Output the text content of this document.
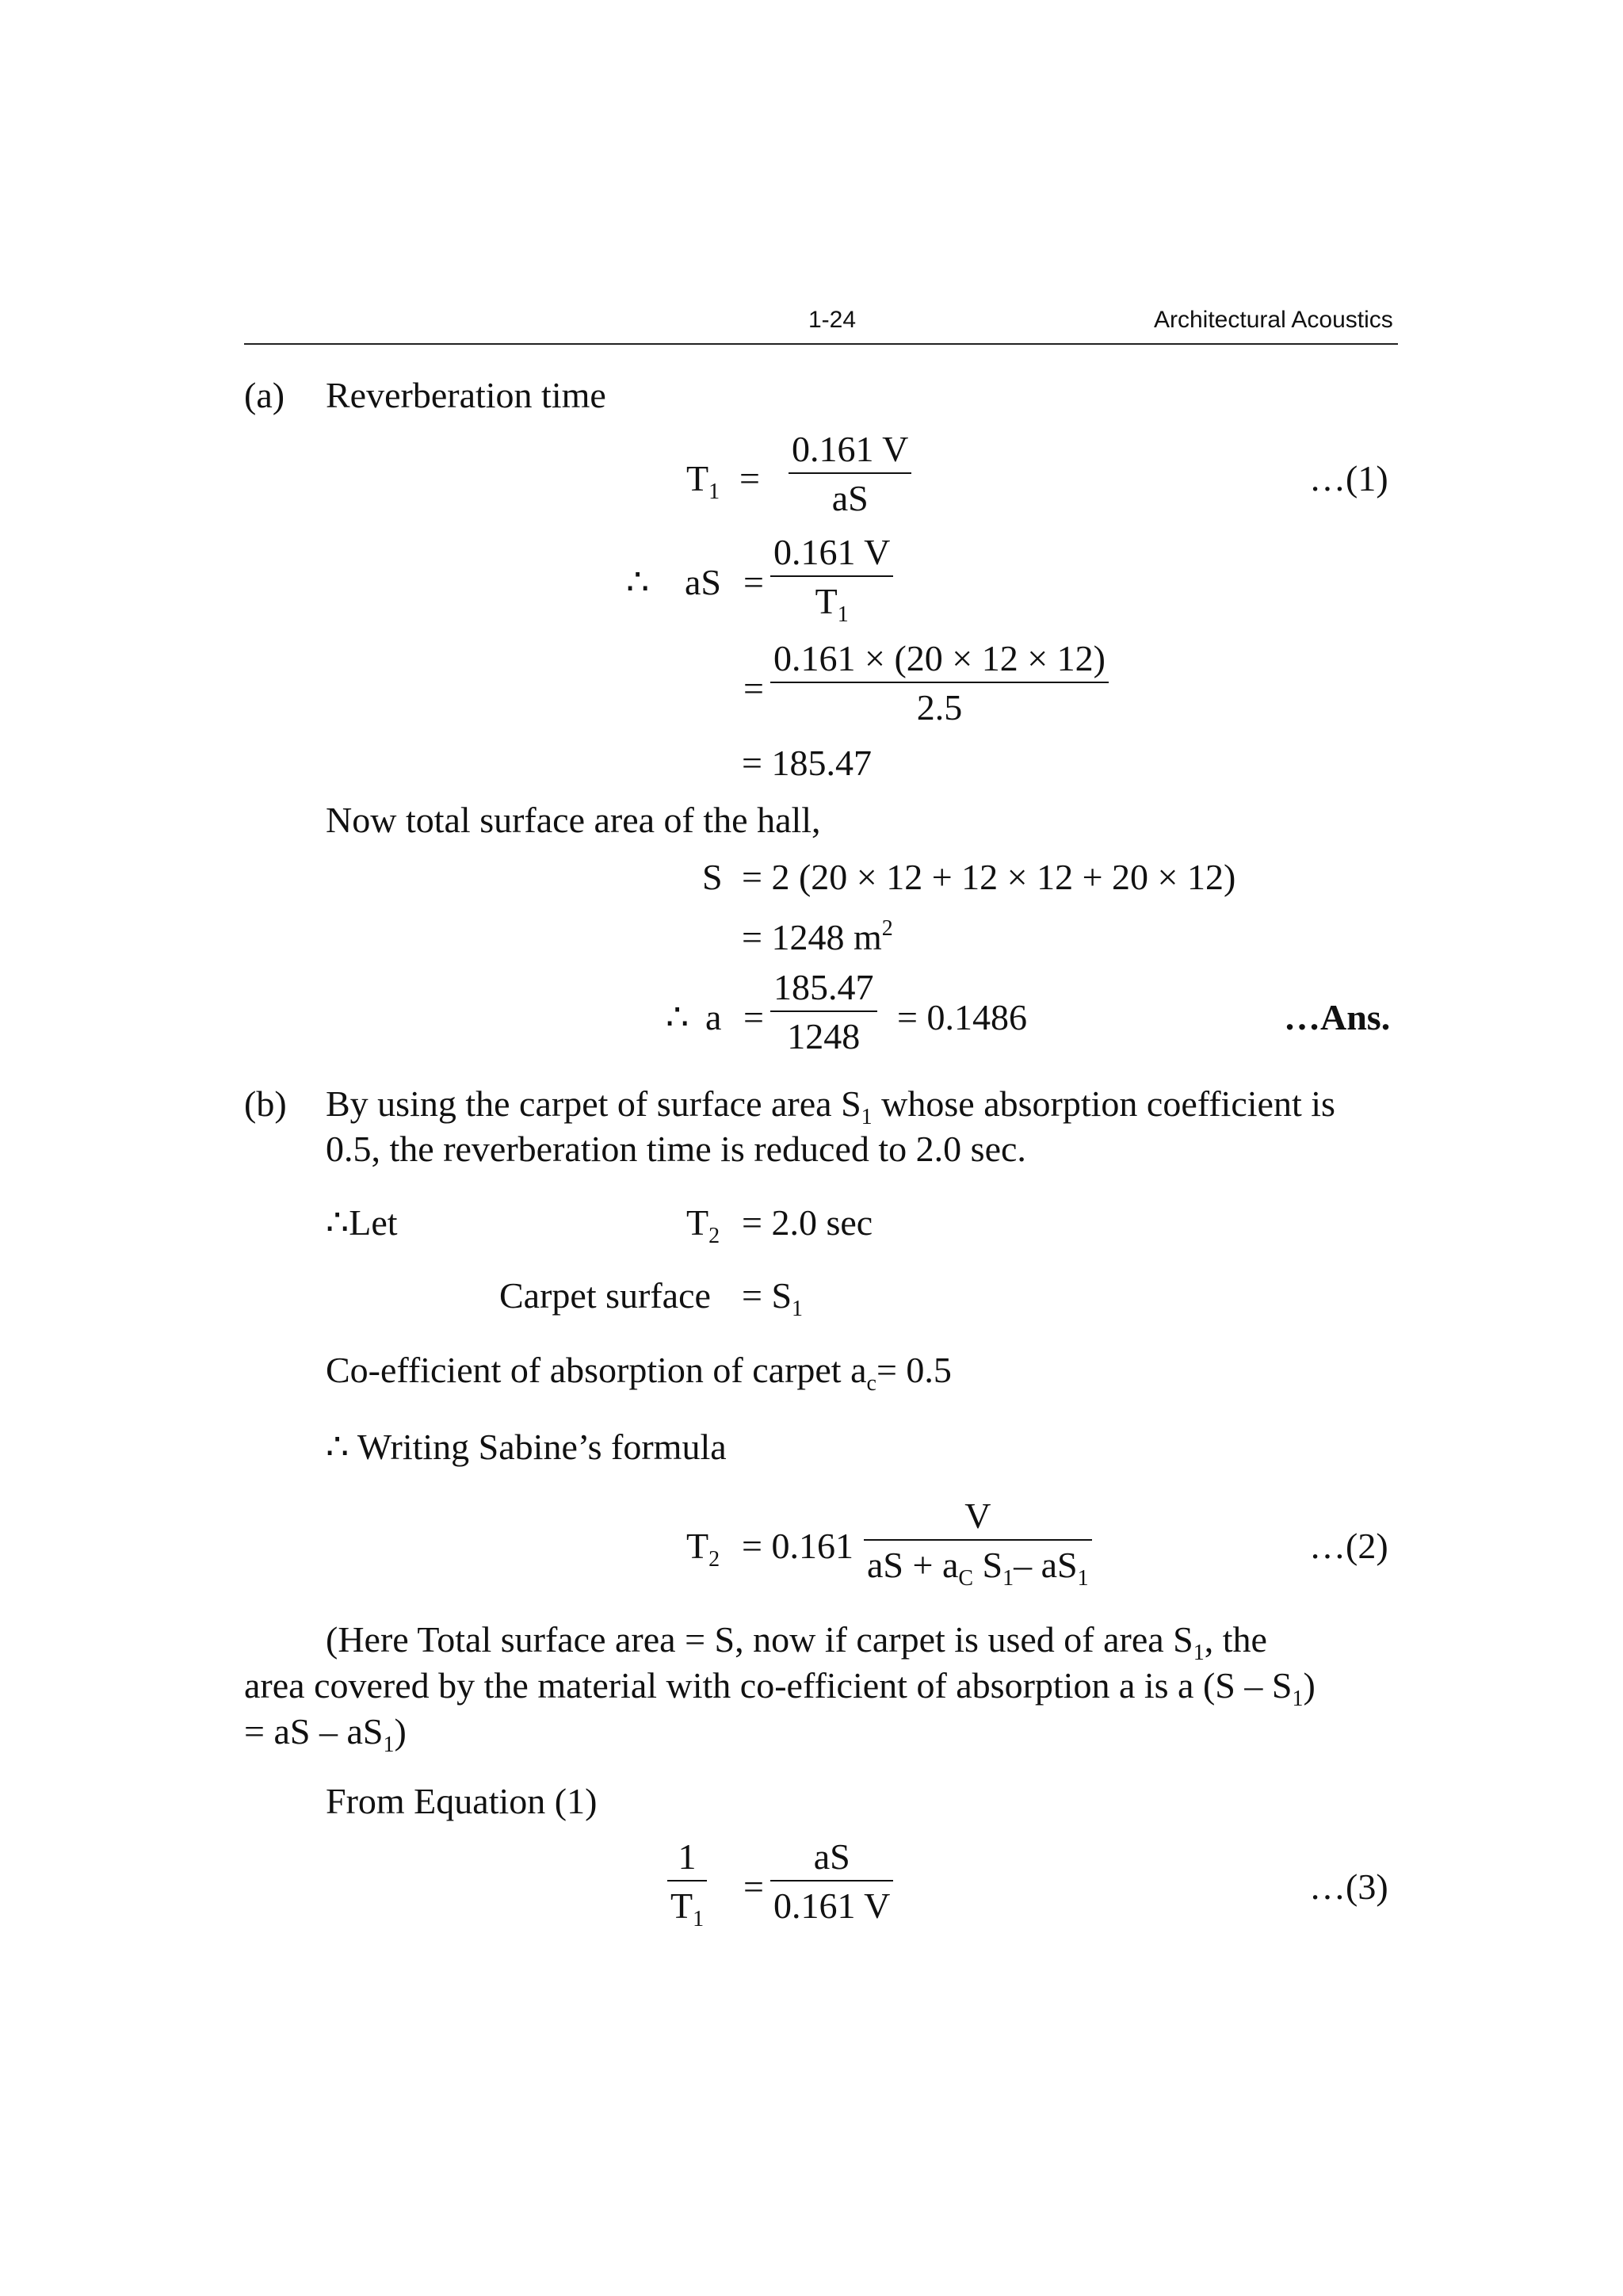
1-24	Architectural Acoustics
(a) Reverberation time
$T_1$ =
0.161 V
aS	…(1)
∴ aS =
0.161 V
$T_1$
=
0.161 × (20 × 12 × 12)
2.5
= 185.47
Now total surface area of the hall,
S = 2 (20 × 12 + 12 × 12 + 20 × 12)
= 1248 $m^2$
∴ a =
185.47
1248 = 0.1486	…Ans.
(b) By using the carpet of surface area $S_1$ whose absorption coefficient is
0.5, the reverberation time is reduced to 2.0 sec.
∴Let	$T_2 = 2.0$ sec
Carpet surface = $S_1$
Co-efficient of absorption of carpet $a_c= 0.5$
∴ Writing Sabine’s formula
$T_2 = 0.161$
V
aS + $a_C$ $S_1-$ $aS_1$
…(2)
(Here Total surface area = S, now if carpet is used of area $S_1$, the
area covered by the material with co-efficient of absorption a is a $(S - S_1)$
= aS – $aS_1$)
From Equation (1)
1
$T_1$
=
aS
0.161 V	…(3)
